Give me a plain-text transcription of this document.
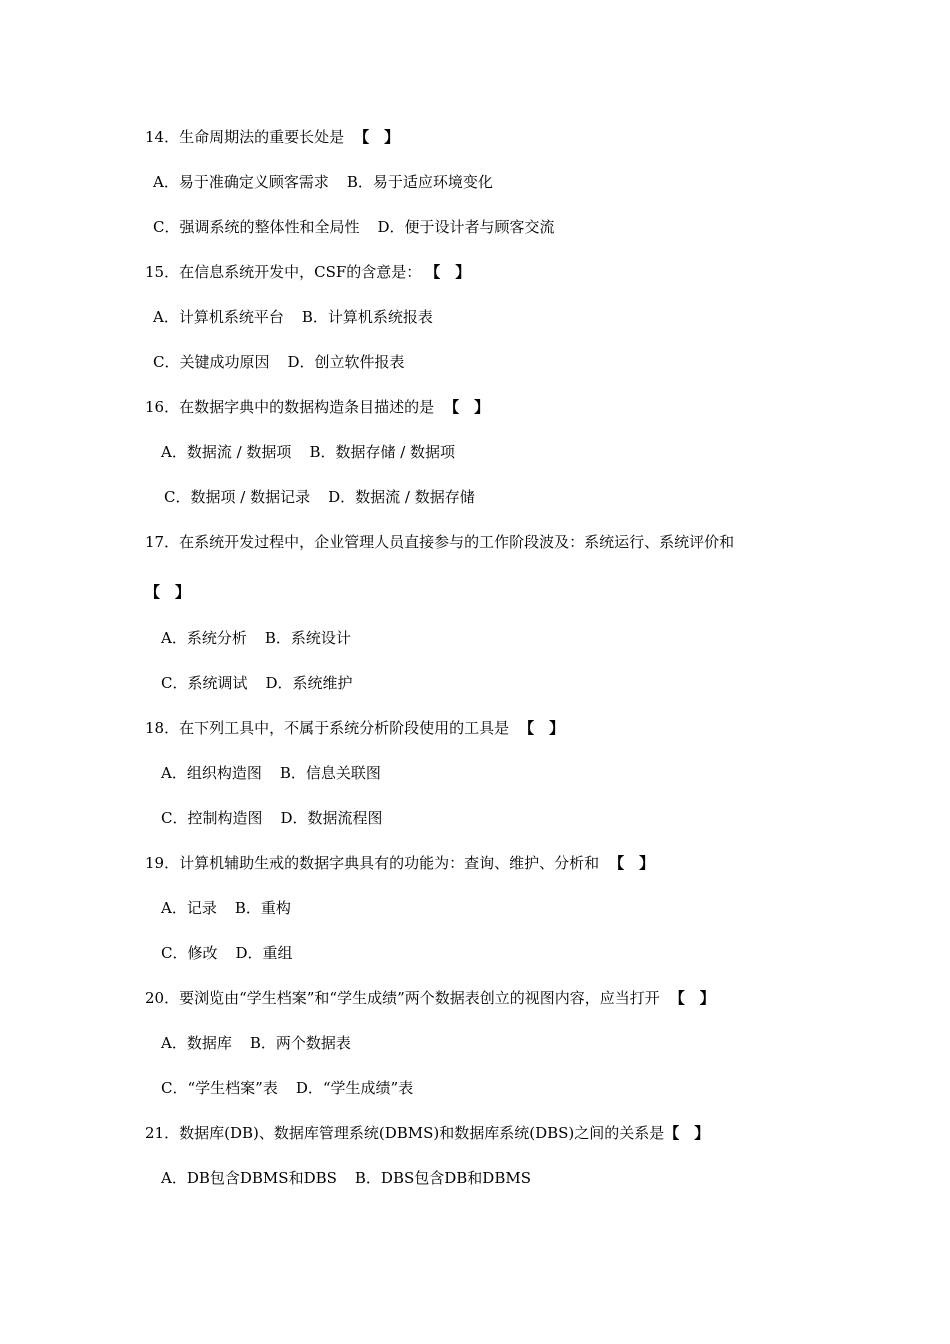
14．生命周期法的重要长处是 【　】
A．易于准确定义顾客需求 B．易于适应环境变化
C．强调系统的整体性和全局性 D．便于设计者与顾客交流
15．在信息系统开发中，CSF的含意是： 【　】
A．计算机系统平台 B．计算机系统报表
C．关键成功原因 D．创立软件报表
16．在数据字典中的数据构造条目描述的是 【　】
A．数据流 / 数据项 B．数据存储 / 数据项
C．数据项 / 数据记录 D．数据流 / 数据存储
17．在系统开发过程中，企业管理人员直接参与的工作阶段波及：系统运行、系统评价和
【　】
A．系统分析 B．系统设计
C．系统调试 D．系统维护
18．在下列工具中，不属于系统分析阶段使用的工具是 【　】
A．组织构造图 B．信息关联图
C．控制构造图 D．数据流程图
19．计算机辅助生戒的数据字典具有的功能为：查询、维护、分析和 【　】
A．记录 B．重构
C．修改 D．重组
20．要浏览由“学生档案”和“学生成绩”两个数据表创立的视图内容，应当打开 【　】
A．数据库 B．两个数据表
C．“学生档案”表 D．“学生成绩”表
21．数据库(DB)、数据库管理系统(DBMS)和数据库系统(DBS)之间的关系是【　】
A．DB包含DBMS和DBS B．DBS包含DB和DBMS
